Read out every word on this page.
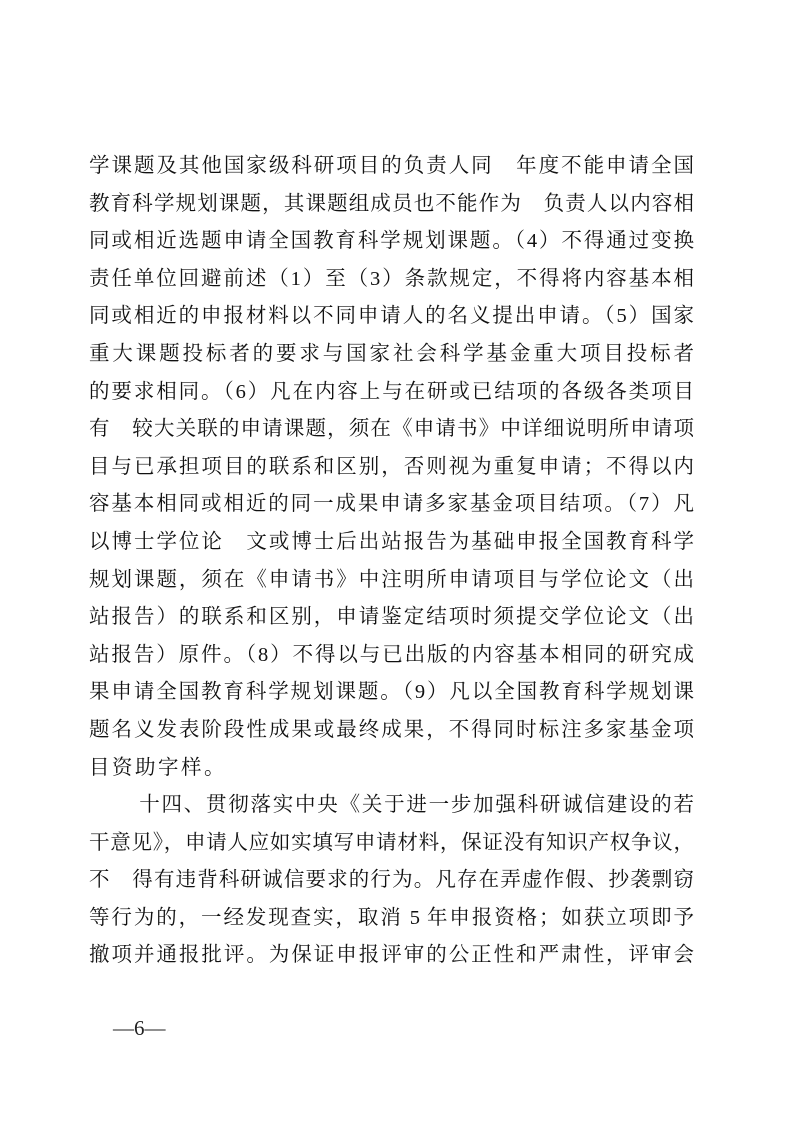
学课题及其他国家级科研项目的负责人同　年度不能申请全国
教育科学规划课题，其课题组成员也不能作为　负责人以内容相
同或相近选题申请全国教育科学规划课题。（4）不得通过变换
责任单位回避前述（1）至（3）条款规定，不得将内容基本相
同或相近的申报材料以不同申请人的名义提出申请。（5）国家
重大课题投标者的要求与国家社会科学基金重大项目投标者
的要求相同。（6）凡在内容上与在研或已结项的各级各类项目
有　较大关联的申请课题，须在《申请书》中详细说明所申请项
目与已承担项目的联系和区别，否则视为重复申请；不得以内
容基本相同或相近的同一成果申请多家基金项目结项。（7）凡
以博士学位论　文或博士后出站报告为基础申报全国教育科学
规划课题，须在《申请书》中注明所申请项目与学位论文（出
站报告）的联系和区别，申请鉴定结项时须提交学位论文（出
站报告）原件。（8）不得以与已出版的内容基本相同的研究成
果申请全国教育科学规划课题。（9）凡以全国教育科学规划课
题名义发表阶段性成果或最终成果，不得同时标注多家基金项
目资助字样。
十四、贯彻落实中央《关于进一步加强科研诚信建设的若
干意见》，申请人应如实填写申请材料，保证没有知识产权争议，
不　得有违背科研诚信要求的行为。凡存在弄虚作假、抄袭剽窃
等行为的，一经发现查实，取消 5 年申报资格；如获立项即予
撤项并通报批评。为保证申报评审的公正性和严肃性，评审会
—6—
